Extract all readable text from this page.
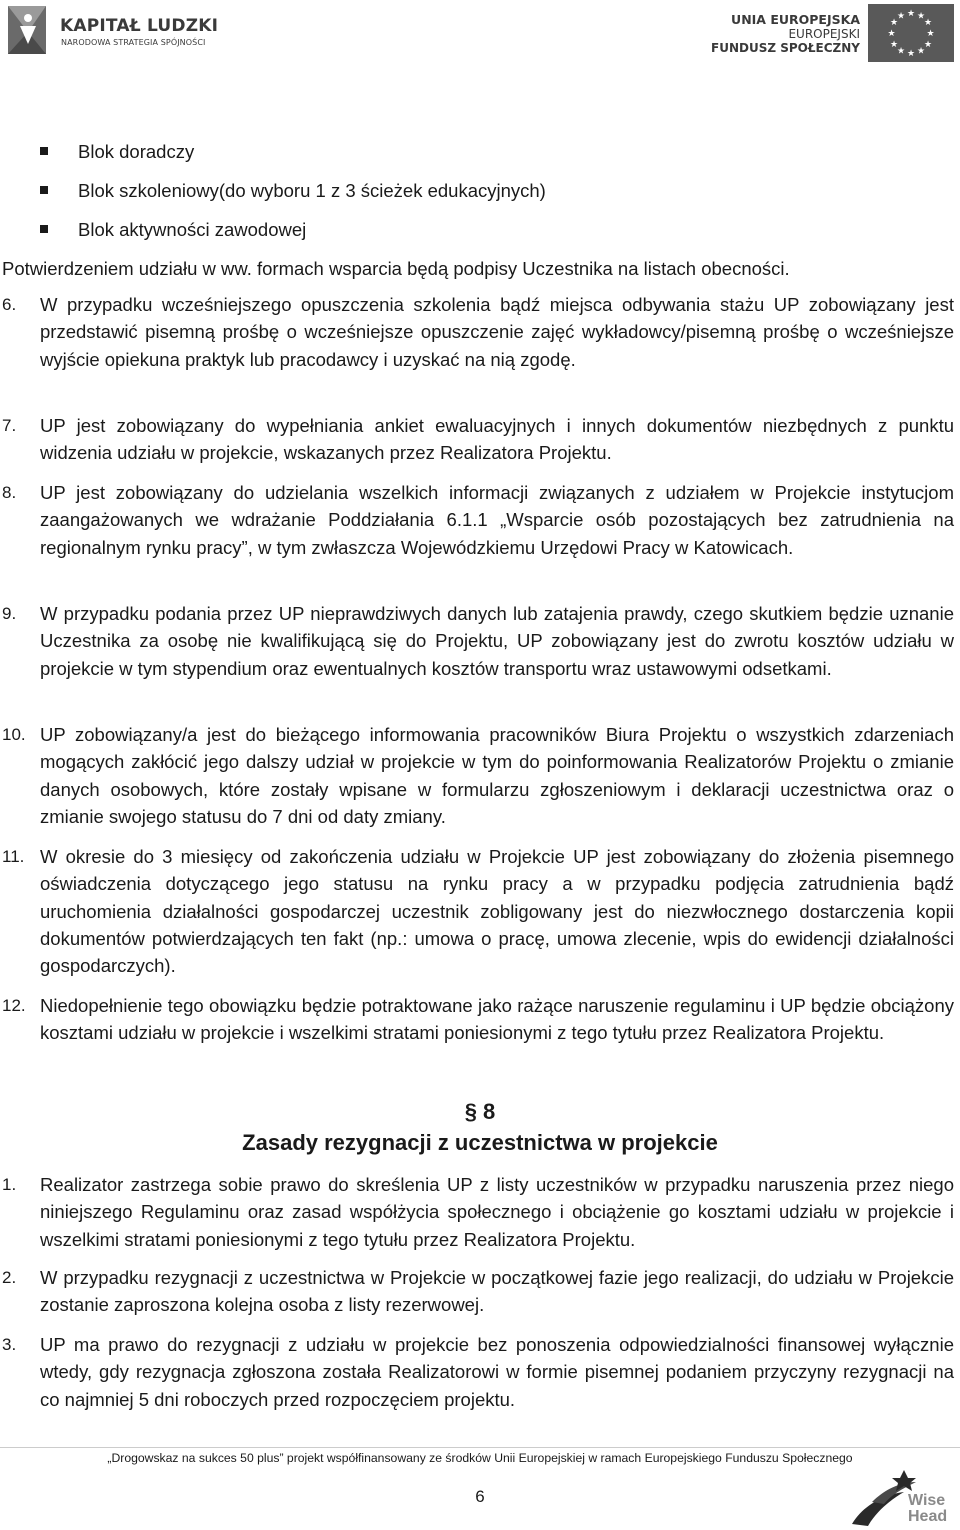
KAPITAŁ LUDZKI
NARODOWA STRATEGIA SPÓJNOŚCI
UNIA EUROPEJSKA
EUROPEJSKI
FUNDUSZ SPOŁECZNY
★ ★
★
★
★
★
★
★
★
★
★
★
Blok doradczy
Blok szkoleniowy(do wyboru 1 z 3 ścieżek edukacyjnych)
Blok aktywności zawodowej
Potwierdzeniem udziału w ww. formach wsparcia będą podpisy Uczestnika na listach obecności.
6. W przypadku wcześniejszego opuszczenia szkolenia bądź miejsca odbywania stażu UP zobowiązany jest przedstawić pisemną prośbę o wcześniejsze opuszczenie zajęć wykładowcy/pisemną prośbę o wcześniejsze wyjście opiekuna praktyk lub pracodawcy i uzyskać na nią zgodę.
7. UP jest zobowiązany do wypełniania ankiet ewaluacyjnych i innych dokumentów niezbędnych z punktu widzenia udziału w projekcie, wskazanych przez Realizatora Projektu.
8. UP jest zobowiązany do udzielania wszelkich informacji związanych z udziałem w Projekcie instytucjom zaangażowanych we wdrażanie Poddziałania 6.1.1 „Wsparcie osób pozostających bez zatrudnienia na regionalnym rynku pracy”, w tym zwłaszcza Wojewódzkiemu Urzędowi Pracy w Katowicach.
9. W przypadku podania przez UP nieprawdziwych danych lub zatajenia prawdy, czego skutkiem będzie uznanie Uczestnika za osobę nie kwalifikującą się do Projektu, UP zobowiązany jest do zwrotu kosztów udziału w projekcie w tym stypendium oraz ewentualnych kosztów transportu wraz ustawowymi odsetkami.
10. UP zobowiązany/a jest do bieżącego informowania pracowników Biura Projektu o wszystkich zdarzeniach mogących zakłócić jego dalszy udział w projekcie w tym do poinformowania Realizatorów Projektu o zmianie danych osobowych, które zostały wpisane w formularzu zgłoszeniowym i deklaracji uczestnictwa oraz o zmianie swojego statusu do 7 dni od daty zmiany.
11. W okresie do 3 miesięcy od zakończenia udziału w Projekcie UP jest zobowiązany do złożenia pisemnego oświadczenia dotyczącego jego statusu na rynku pracy a w przypadku podjęcia zatrudnienia bądź uruchomienia działalności gospodarczej uczestnik zobligowany jest do niezwłocznego dostarczenia kopii dokumentów potwierdzających ten fakt (np.: umowa o pracę, umowa zlecenie, wpis do ewidencji działalności gospodarczych).
12. Niedopełnienie tego obowiązku będzie potraktowane jako rażące naruszenie regulaminu i UP będzie obciążony kosztami udziału w projekcie i wszelkimi stratami poniesionymi z tego tytułu przez Realizatora Projektu.
§ 8
Zasady rezygnacji z uczestnictwa w projekcie
1. Realizator zastrzega sobie prawo do skreślenia UP z listy uczestników w przypadku naruszenia przez niego niniejszego Regulaminu oraz zasad współżycia społecznego i obciążenie go kosztami udziału w projekcie i wszelkimi stratami poniesionymi z tego tytułu przez Realizatora Projektu.
2. W przypadku rezygnacji z uczestnictwa w Projekcie w początkowej fazie jego realizacji, do udziału w Projekcie zostanie zaproszona kolejna osoba z listy rezerwowej.
3. UP ma prawo do rezygnacji z udziału w projekcie bez ponoszenia odpowiedzialności finansowej wyłącznie wtedy, gdy rezygnacja zgłoszona została Realizatorowi w formie pisemnej podaniem przyczyny rezygnacji na co najmniej 5 dni roboczych przed rozpoczęciem projektu.
„Drogowskaz na sukces 50 plus” projekt współfinansowany ze środków Unii Europejskiej w ramach Europejskiego Funduszu Społecznego
6	Wise
Head
